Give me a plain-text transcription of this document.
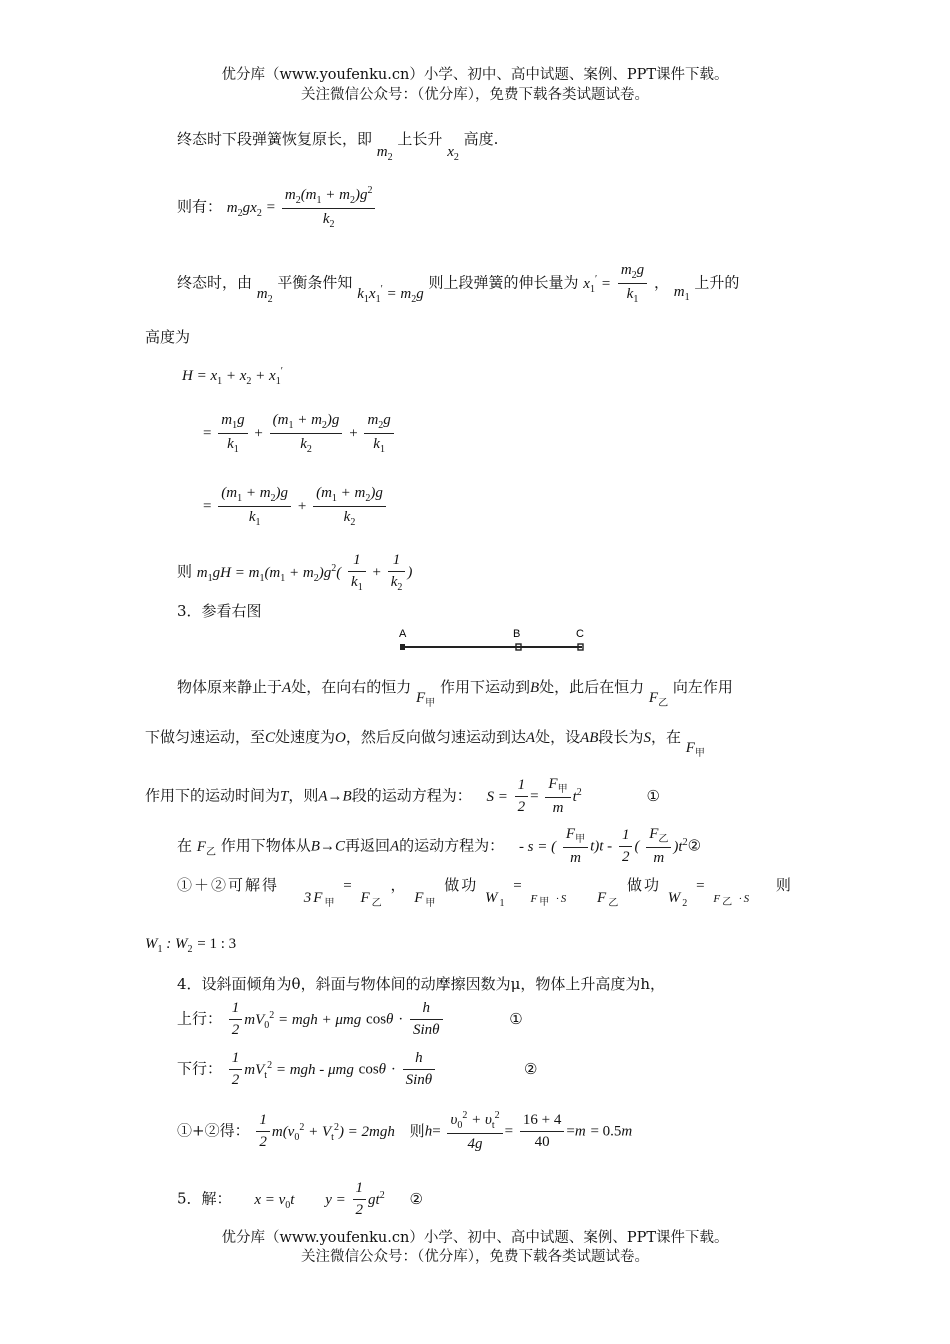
优分库（www.youfenku.cn）小学、初中、高中试题、案例、PPT课件下载。
关注微信公众号：（优分库），免费下载各类试题试卷。
终态时下段弹簧恢复原长，即 $m_2$ 上长升 $x_2$ 高度.
则有： $m_2gx_2 = \frac{m_2(m_1 + m_2)g^2}{k_2}$
终态时，由 $m_2$ 平衡条件知 $k_1x_1' = m_2g$ 则上段弹簧的伸长量为 $x_1' = \frac{m_2g}{k_1}$ ， $m_1$ 上升的
高度为
$H = x_1 + x_2 + x_1'$
= $\frac{m_1g}{k_1} + \frac{(m_1 + m_2)g}{k_2} + \frac{m_2g}{k_1}$
= $\frac{(m_1 + m_2)g}{k_1} + \frac{(m_1 + m_2)g}{k_2}$
则 $m_1gH = m_1(m_1 + m_2)g^2( \frac{1}{k_1} + \frac{1}{k_2}$ )
3．参看右图
A	B	C
物体原来静止于A处，在向右的恒力 $F_甲$ 作用下运动到B处，此后在恒力 $F_乙$ 向左作用
下做匀速运动，至C处速度为O，然后反向做匀速运动到达A处，设AB段长为S，在 $F_甲$
作用下的运动时间为T，则A→B段的运动方程为： $S = \frac{1}{2} = \frac{F_甲}{m} t^2$	①
在 $F_乙$ 作用下物体从B→C再返回A的运动方程为： - s = ( $\frac{F_甲}{m} t)t - \frac{1}{2}$ ( $\frac{F_乙}{m}$ )$t^2②$
①＋②可解得 $3F_甲 = F_乙$ ， $F_甲$ 做功 $W_1 = _{F_甲 \cdot S}$ $F_乙$ 做功 $W_2 = _{F_乙 \cdot S}$ 则
$W_1$ : $W_2 = 1$ : 3
4．设斜面倾角为θ，斜面与物体间的动摩擦因数为μ，物体上升高度为h，
上行： $\frac{1}{2} mV_0^2$ = mgh + μmg $\cos\theta \cdot \frac{h}{\text{Sinθ}}$	①
下行： $\frac{1}{2} mV_t^2$ = mgh - μmg $\cos\theta \cdot \frac{h}{\text{Sinθ}}$	②
①+②得： $\frac{1}{2} m(v_0^2 + V_t^2) = 2mgh$ 则$h= \frac{\upsilon_0^2 + \upsilon_t^2}{4g} = \frac{16 + 4}{40} =m = 0.5m$
5．解： $x = v_0t$ $y = \frac{1}{2} gt^2$ ②
优分库（www.youfenku.cn）小学、初中、高中试题、案例、PPT课件下载。
关注微信公众号：（优分库），免费下载各类试题试卷。
